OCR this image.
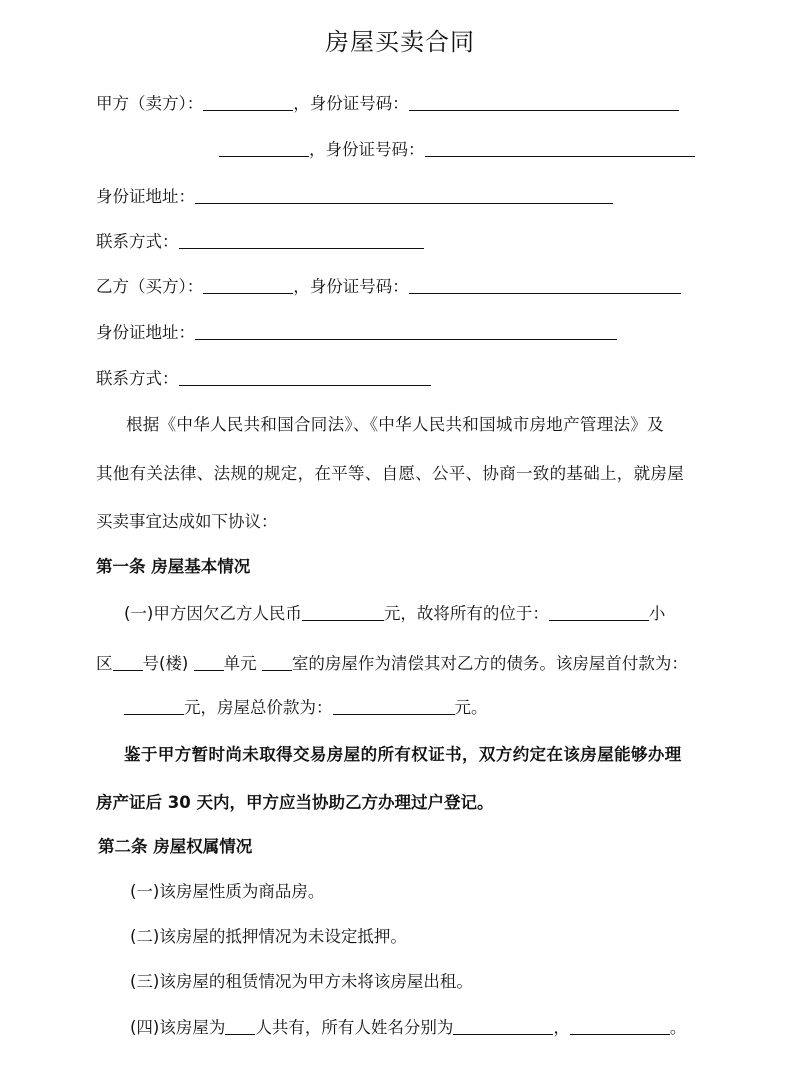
房屋买卖合同
甲方（卖方）：	，身份证号码：
，身份证号码：
身份证地址：
联系方式：
乙方（买方）：	，身份证号码：
身份证地址：
联系方式：
根据《中华人民共和国合同法》、《中华人民共和国城市房地产管理法》及
其他有关法律、法规的规定，在平等、自愿、公平、协商一致的基础上，就房屋
买卖事宜达成如下协议：
第一条 房屋基本情况
(一)甲方因欠乙方人民币	元，故将所有的位于：	小
区 号(楼) 单元 室的房屋作为清偿其对乙方的债务。该房屋首付款为：
元，房屋总价款为：	元。
鉴于甲方暂时尚未取得交易房屋的所有权证书，双方约定在该房屋能够办理
房产证后 30 天内，甲方应当协助乙方办理过户登记。
第二条 房屋权属情况
(一)该房屋性质为商品房。
(二)该房屋的抵押情况为未设定抵押。
(三)该房屋的租赁情况为甲方未将该房屋出租。
(四)该房屋为 人共有，所有人姓名分别为	，	。
